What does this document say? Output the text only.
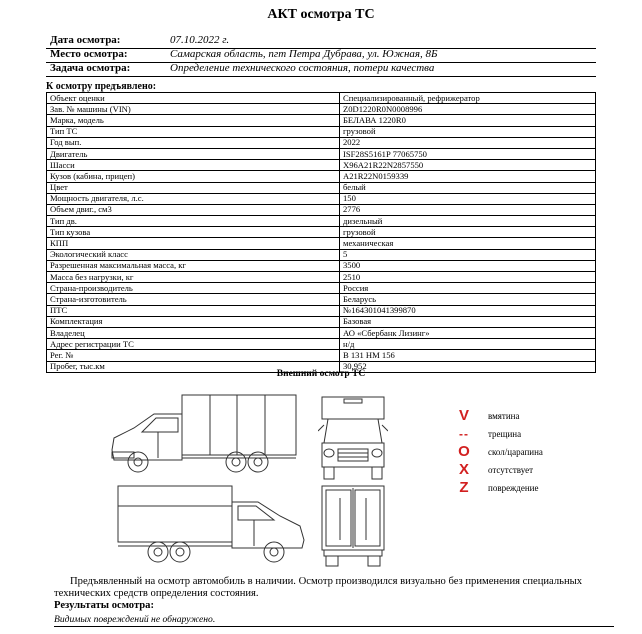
АКТ осмотра ТС
Дата осмотра:	07.10.2022 г.
Место осмотра:	Самарская область, пгт Петра Дубрава, ул. Южная, 8Б
Задача осмотра:	Определение технического состояния, потери качества
К осмотру предъявлено:
Объект оценки	Специализированный, рефрижератор
Зав. № машины (VIN)	Z0D1220R0N0008996
Марка, модель	БЕЛАВА 1220R0
Тип ТС	грузовой
Год вып.	2022
Двигатель	ISF28S5161P 77065750
Шасси	X96A21R22N2857550
Кузов (кабина, прицеп)	A21R22N0159339
Цвет	белый
Мощность двигателя, л.с.	150
Объем двиг., см3	2776
Тип дв.	дизельный
Тип кузова	грузовой
КПП	механическая
Экологический класс	5
Разрешенная максимальная масса, кг	3500
Масса без нагрузки, кг	2510
Страна-производитель	Россия
Страна-изготовитель	Беларусь
ПТС	№164301041399870
Комплектация	Базовая
Владелец	АО «Сбербанк Лизинг»
Адрес регистрации ТС	н/д
Рег. №	В 131 НМ 156
Пробег, тыс.км	30,952
Внешний осмотр ТС
V	вмятина
--	трещина
O	скол/царапина
X	отсутствует
Z	повреждение

Предъявленный на осмотр автомобиль в наличии. Осмотр производился визуально без применения специальных

технических средств определения состояния.

Результаты осмотра:
Видимых повреждений не обнаружено.
